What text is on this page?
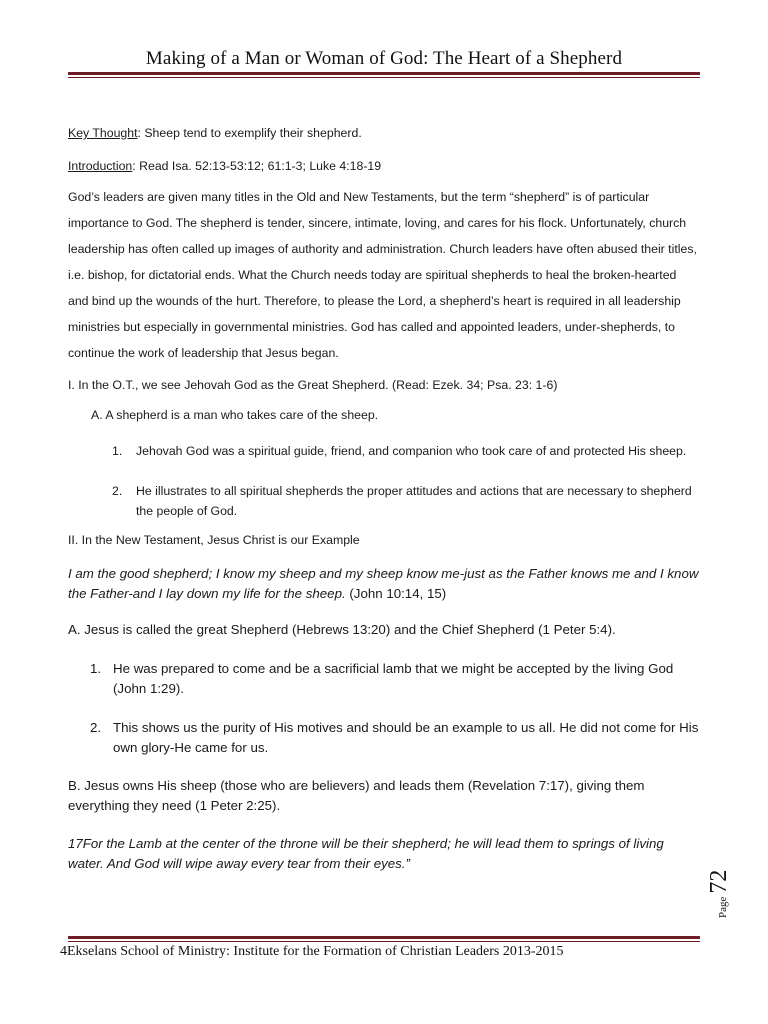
Making of a Man or Woman of God: The Heart of a Shepherd

Key Thought: Sheep tend to exemplify their shepherd.

Introduction: Read Isa. 52:13-53:12; 61:1-3; Luke 4:18-19

God’s leaders are given many titles in the Old and New Testaments, but the term “shepherd” is of particular importance to God. The shepherd is tender, sincere, intimate, loving, and cares for his flock. Unfortunately, church leadership has often called up images of authority and administration. Church leaders have often abused their titles, i.e. bishop, for dictatorial ends. What the Church needs today are spiritual shepherds to heal the broken-hearted and bind up the wounds of the hurt. Therefore, to please the Lord, a shepherd’s heart is required in all leadership ministries but especially in governmental ministries. God has called and appointed leaders, under-shepherds, to continue the work of leadership that Jesus began.

I. In the O.T., we see Jehovah God as the Great Shepherd. (Read: Ezek. 34; Psa. 23: 1-6)

A. A shepherd is a man who takes care of the sheep.

1. Jehovah God was a spiritual guide, friend, and companion who took care of and protected His sheep.
2. He illustrates to all spiritual shepherds the proper attitudes and actions that are necessary to shepherd the people of God.

II. In the New Testament, Jesus Christ is our Example

I am the good shepherd; I know my sheep and my sheep know me-just as the Father knows me and I know the Father-and I lay down my life for the sheep. (John 10:14, 15)

A. Jesus is called the great Shepherd (Hebrews 13:20) and the Chief Shepherd (1 Peter 5:4).

1. He was prepared to come and be a sacrificial lamb that we might be accepted by the living God (John 1:29).
2. This shows us the purity of His motives and should be an example to us all. He did not come for His own glory-He came for us.

B. Jesus owns His sheep (those who are believers) and leads them (Revelation 7:17), giving them everything they need (1 Peter 2:25).

17For the Lamb at the center of the throne will be their shepherd; he will lead them to springs of living water. And God will wipe away every tear from their eyes.”

Page72
4Ekselans School of Ministry: Institute for the Formation of Christian Leaders 2013-2015
